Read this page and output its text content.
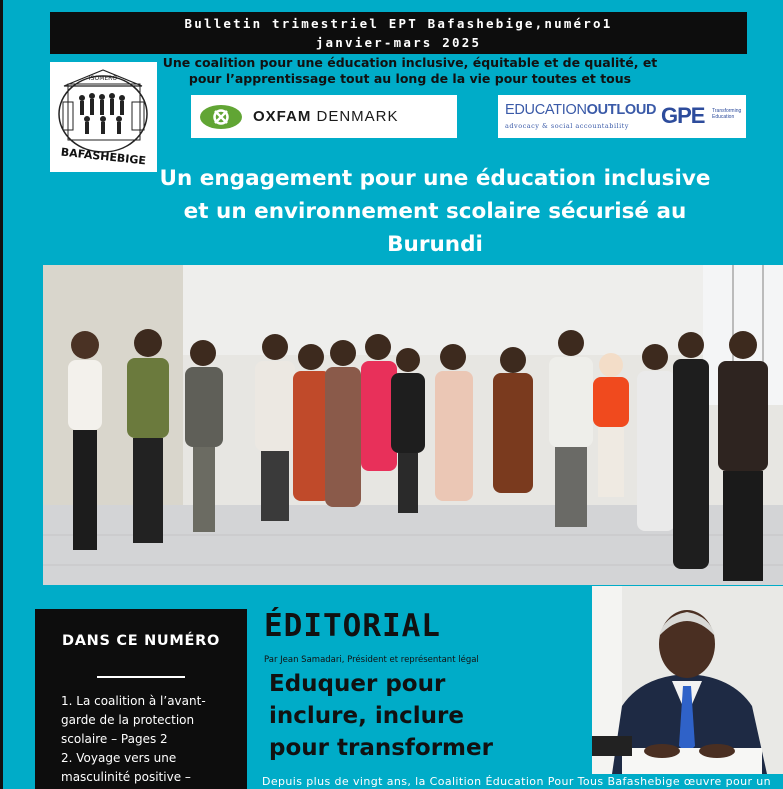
Bulletin trimestriel EPT Bafashebige,numéro1
janvier-mars 2025
Une coalition pour une éducation inclusive, équitable et de qualité, et
pour l’apprentissage tout au long de la vie pour toutes et tous
ISOMERO
BAFASHEBIGE
OXFAM DENMARK	EDUCATIONOUTLOUD
advocacy & social accountability GPE Transforming Education
Un engagement pour une éducation inclusive
et un environnement scolaire sécurisé au
Burundi
DANS CE NUMÉRO
1. La coalition à l’avant-
garde de la protection
scolaire – Pages 2
2. Voyage vers une
masculinité positive –
ÉDITORIAL
Par Jean Samadari, Président et représentant légal
Eduquer pour
inclure, inclure
pour transformer
Depuis plus de vingt ans, la Coalition Éducation Pour Tous Bafashebige œuvre pour un
